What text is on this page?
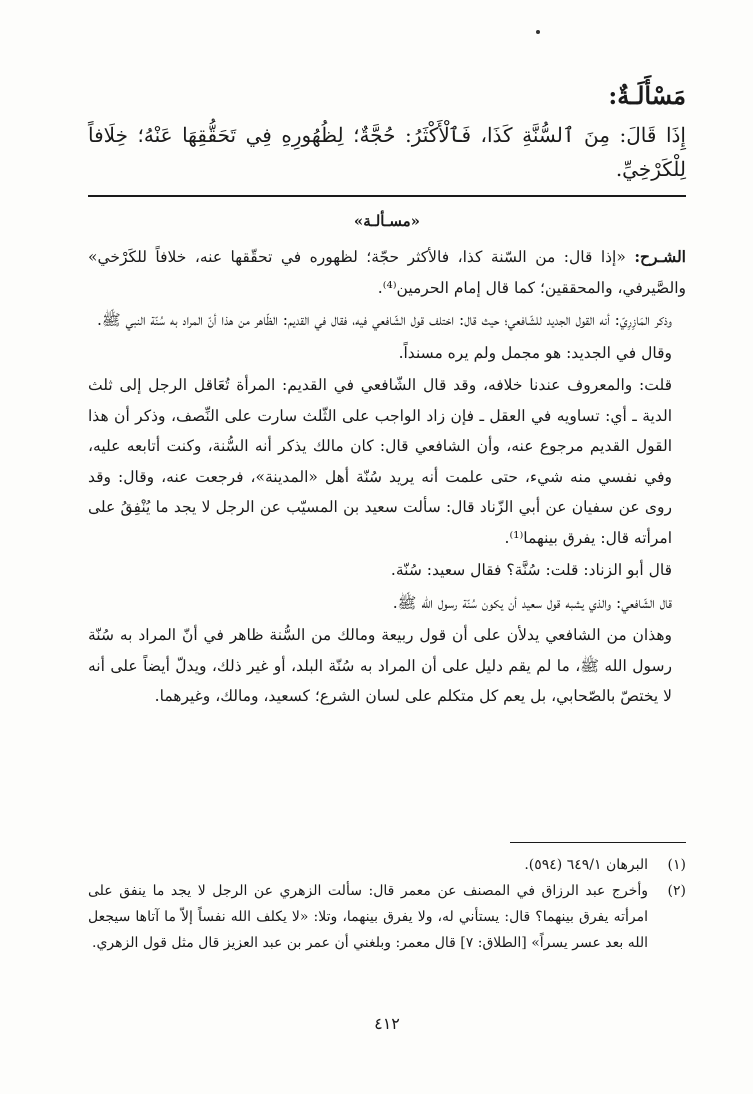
مَسْأَلَـةٌ:
إِذَا قَالَ: مِنَ ٱلسُّنَّةِ كَذَا، فَٱلْأَكْثَرُ: حُجَّةٌ؛ لِظُهُورِهِ فِي تَحَقُّقِهَا عَنْهُ؛ خِلَافاً لِلْكَرْخِيِّ.
«مسـألـة»

الشـرح: «إذا قال: من السّنة كذا، فالأكثر حجّة؛ لظهوره في تحقّقها عنه، خلافاً للكَرْخي» والصَّيرفي، والمحققين؛ كما قال إمام الحرمين⁽⁴⁾.

وذكر المَازِرِيّ: أنه القول الجديد للشّافعي؛ حيث قال: اختلف قول الشّافعي فيه، فقال في القديم: الظّاهر من هذا أنّ المراد به سُنّة النبي ﷺ.

وقال في الجديد: هو مجمل ولم يره مسنداً.

قلت: والمعروف عندنا خلافه، وقد قال الشّافعي في القديم: المرأة تُعَاقل الرجل إلى ثلث الدية ـ أي: تساويه في العقل ـ فإن زاد الواجب على الثّلث سارت على النِّصف، وذكر أن هذا القول القديم مرجوع عنه، وأن الشافعي قال: كان مالك يذكر أنه السُّنة، وكنت أتابعه عليه، وفي نفسي منه شيء، حتى علمت أنه يريد سُنّة أهل «المدينة»، فرجعت عنه، وقال: وقد روى عن سفيان عن أبي الزّناد قال: سألت سعيد بن المسيّب عن الرجل لا يجد ما يُنْفِقُ على امرأته قال: يفرق بينهما⁽¹⁾.

قال أبو الزناد: قلت: سُنَّة؟ فقال سعيد: سُنّة.

قال الشّافعي: والذي يشبه قول سعيد أن يكون سُنّة رسول الله ﷺ.

وهذان من الشافعي يدلأن على أن قول ربيعة ومالك من السُّنة ظاهر في أنّ المراد به سُنّة رسول الله ﷺ، ما لم يقم دليل على أن المراد به سُنّة البلد، أو غير ذلك، ويدلّ أيضاً على أنه لا يختصّ بالصّحابي، بل يعم كل متكلم على لسان الشرع؛ كسعيد، ومالك، وغيرهما.

(١)
البرهان ٦٤٩/١ (٥٩٤).
(٢)
وأخرج عبد الرزاق في المصنف عن معمر قال: سألت الزهري عن الرجل لا يجد ما ينفق على امرأته يفرق بينهما؟ قال: يستأني له، ولا يفرق بينهما، وتلا: «لا يكلف الله نفساً إلاّ ما آتاها سيجعل الله بعد عسر يسراً» [الطلاق: ٧] قال معمر: وبلغني أن عمر بن عبد العزيز قال مثل قول الزهري.
٤١٢
